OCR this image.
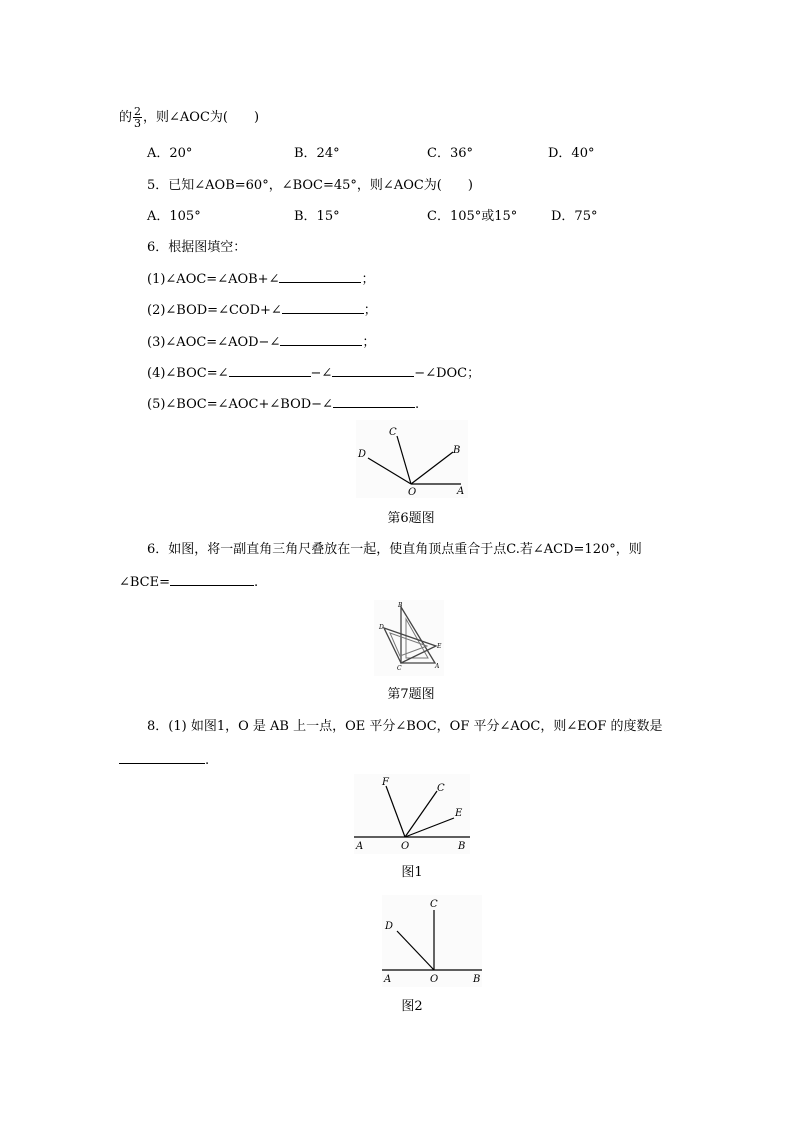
的 $\frac{2}{3}$ ，则∠AOC为(　　)
A．20°	B．24°	C．36°	D．40°
5．已知∠AOB=60°，∠BOC=45°，则∠AOC为(　　)
A．105°	B．15°	C．105°或15°	D．75°
6．根据图填空：
(1)∠AOC=∠AOB+∠	；
(2)∠BOD=∠COD+∠	；
(3)∠AOC=∠AOD−∠	；
(4)∠BOC=∠	−∠	−∠DOC；
(5)∠BOC=∠AOC+∠BOD−∠	.
A
B
C
D
O
第6题图
6．如图，将一副直角三角尺叠放在一起，使直角顶点重合于点C.若∠ACD=120°，则
∠BCE=	.
B
D
E
A
C
第7题图
8．(1) 如图1，O 是 AB 上一点，OE 平分∠BOC，OF 平分∠AOC，则∠EOF 的度数是
.
F
C
E
A	O	B
图1
C
D
A	O	B
图2
